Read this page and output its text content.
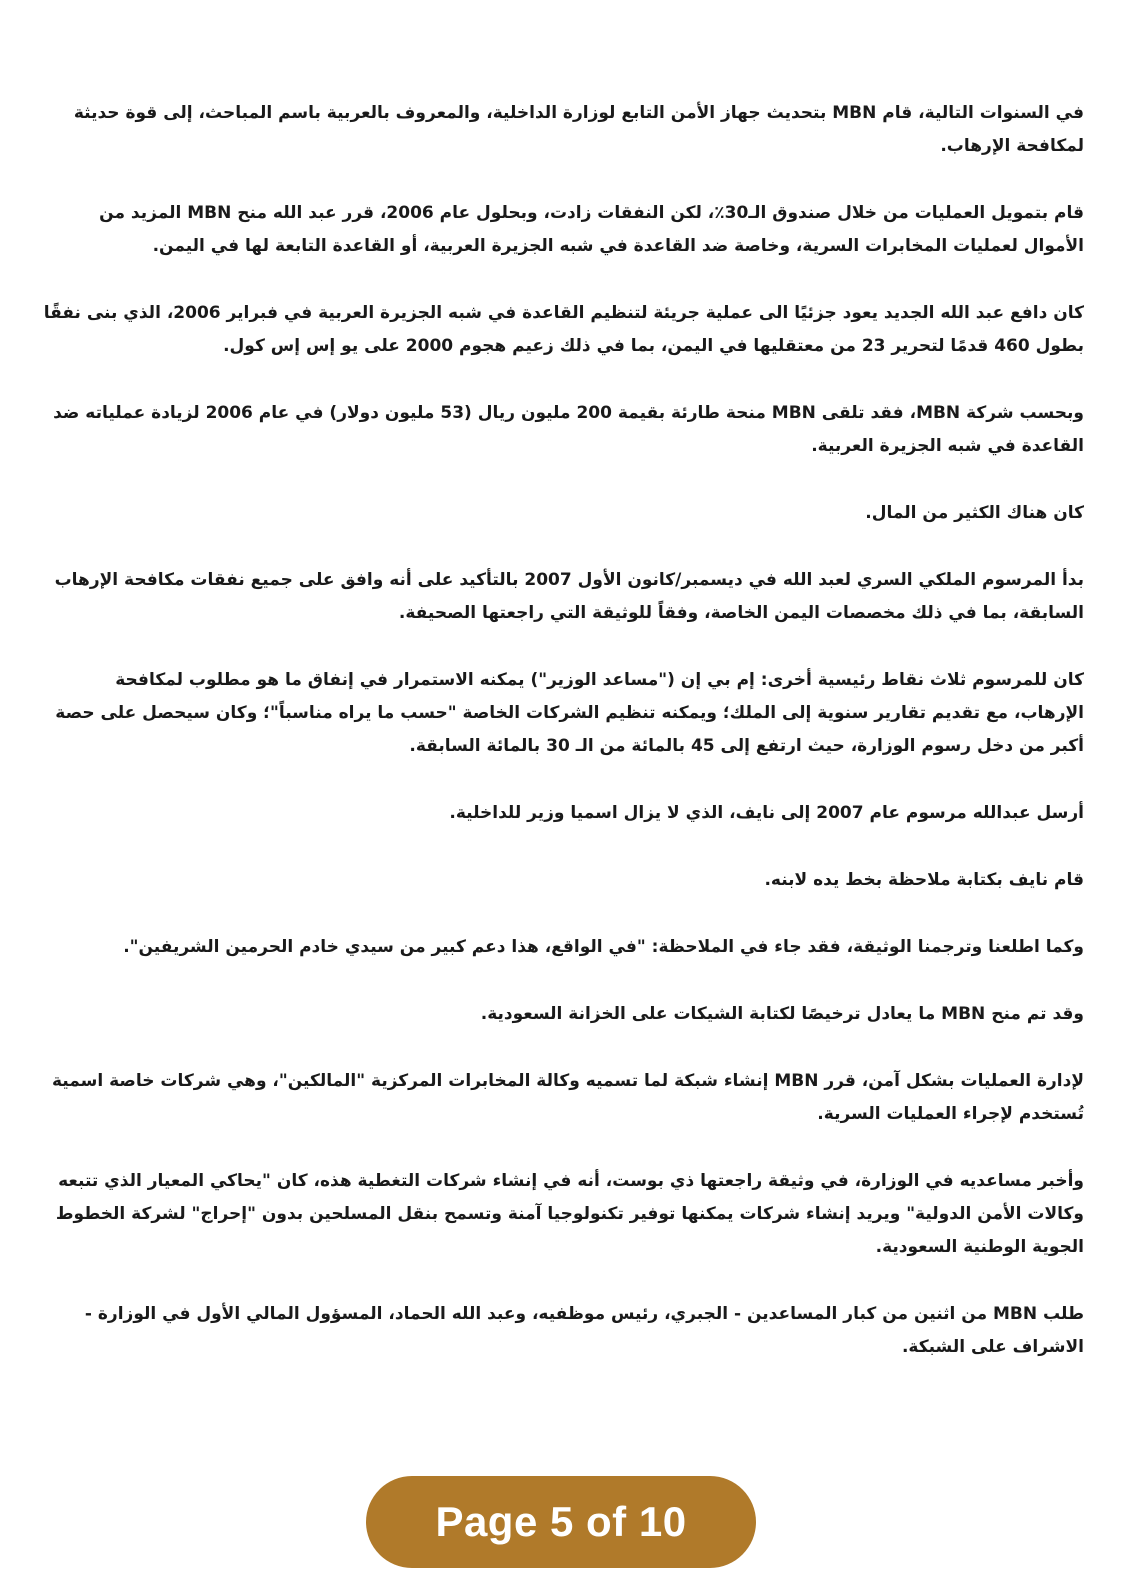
في السنوات التالية، قام MBN بتحديث جهاز الأمن التابع لوزارة الداخلية، والمعروف بالعربية باسم المباحث، إلى قوة حديثة لمكافحة الإرهاب.

قام بتمويل العمليات من خلال صندوق الـ30٪، لكن النفقات زادت، وبحلول عام 2006، قرر عبد الله منح MBN المزيد من الأموال لعمليات المخابرات السرية، وخاصة ضد القاعدة في شبه الجزيرة العربية، أو القاعدة التابعة لها في اليمن.

كان دافع عبد الله الجديد يعود جزئيًا الى عملية جريئة لتنظيم القاعدة في شبه الجزيرة العربية في فبراير 2006، الذي بنى نفقًا بطول 460 قدمًا لتحرير 23 من معتقليها في اليمن، بما في ذلك زعيم هجوم 2000 على يو إس إس كول.

وبحسب شركة MBN، فقد تلقى MBN منحة طارئة بقيمة 200 مليون ريال (53 مليون دولار) في عام 2006 لزيادة عملياته ضد القاعدة في شبه الجزيرة العربية.

كان هناك الكثير من المال.

بدأ المرسوم الملكي السري لعبد الله في ديسمبر/كانون الأول 2007 بالتأكيد على أنه وافق على جميع نفقات مكافحة الإرهاب السابقة، بما في ذلك مخصصات اليمن الخاصة، وفقاً للوثيقة التي راجعتها الصحيفة.

كان للمرسوم ثلاث نقاط رئيسية أخرى: إم بي إن ("مساعد الوزير") يمكنه الاستمرار في إنفاق ما هو مطلوب لمكافحة الإرهاب، مع تقديم تقارير سنوية إلى الملك؛ ويمكنه تنظيم الشركات الخاصة "حسب ما يراه مناسباً"؛ وكان سيحصل على حصة أكبر من دخل رسوم الوزارة، حيث ارتفع إلى 45 بالمائة من الـ 30 بالمائة السابقة.

أرسل عبدالله مرسوم عام 2007 إلى نايف، الذي لا يزال اسميا وزير للداخلية.

قام نايف بكتابة ملاحظة بخط يده لابنه.

وكما اطلعنا وترجمنا الوثيقة، فقد جاء في الملاحظة: "في الواقع، هذا دعم كبير من سيدي خادم الحرمين الشريفين".

وقد تم منح MBN ما يعادل ترخيصًا لكتابة الشيكات على الخزانة السعودية.

لإدارة العمليات بشكل آمن، قرر MBN إنشاء شبكة لما تسميه وكالة المخابرات المركزية "المالكين"، وهي شركات خاصة اسمية تُستخدم لإجراء العمليات السرية.

وأخبر مساعديه في الوزارة، في وثيقة راجعتها ذي بوست، أنه في إنشاء شركات التغطية هذه، كان "يحاكي المعيار الذي تتبعه وكالات الأمن الدولية" ويريد إنشاء شركات يمكنها توفير تكنولوجيا آمنة وتسمح بنقل المسلحين بدون "إحراج" لشركة الخطوط الجوية الوطنية السعودية.

طلب MBN من اثنين من كبار المساعدين - الجبري، رئيس موظفيه، وعبد الله الحماد، المسؤول المالي الأول في الوزارة - الاشراف على الشبكة.

Page 5 of 10
